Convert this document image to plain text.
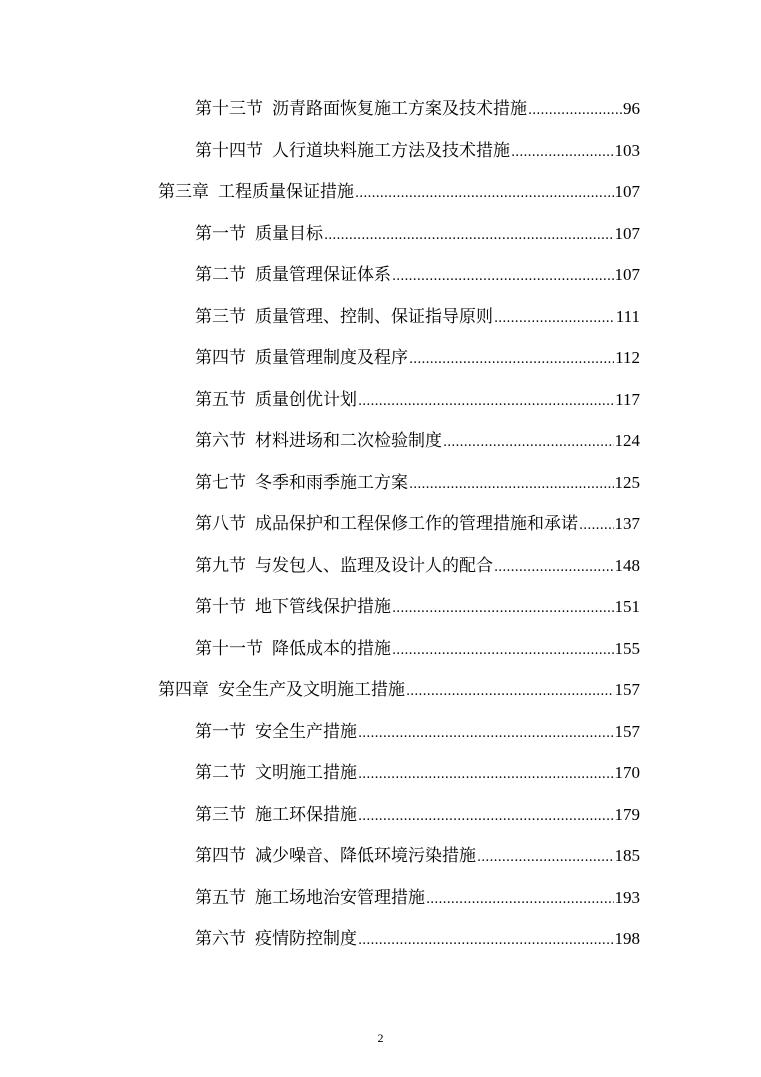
第十三节 沥青路面恢复施工方案及技术措施 .....	96
第十四节 人行道块料施工方法及技术措施 .....	103
第三章 工程质量保证措施 .....	107
第一节 质量目标 .....	107
第二节 质量管理保证体系 .....	107
第三节 质量管理、控制、保证指导原则 .....	111
第四节 质量管理制度及程序 .....	112
第五节 质量创优计划 .....	117
第六节 材料进场和二次检验制度 .....	124
第七节 冬季和雨季施工方案 .....	125
第八节 成品保护和工程保修工作的管理措施和承诺 ..... 137
第九节 与发包人、监理及设计人的配合 .....	148
第十节 地下管线保护措施 .....	151
第十一节 降低成本的措施 .....	155
第四章 安全生产及文明施工措施 .....	157
第一节 安全生产措施 .....	157
第二节 文明施工措施 .....	170
第三节 施工环保措施 .....	179
第四节 减少噪音、降低环境污染措施 .....	185
第五节 施工场地治安管理措施 .....	193
第六节 疫情防控制度 .....	198
2
